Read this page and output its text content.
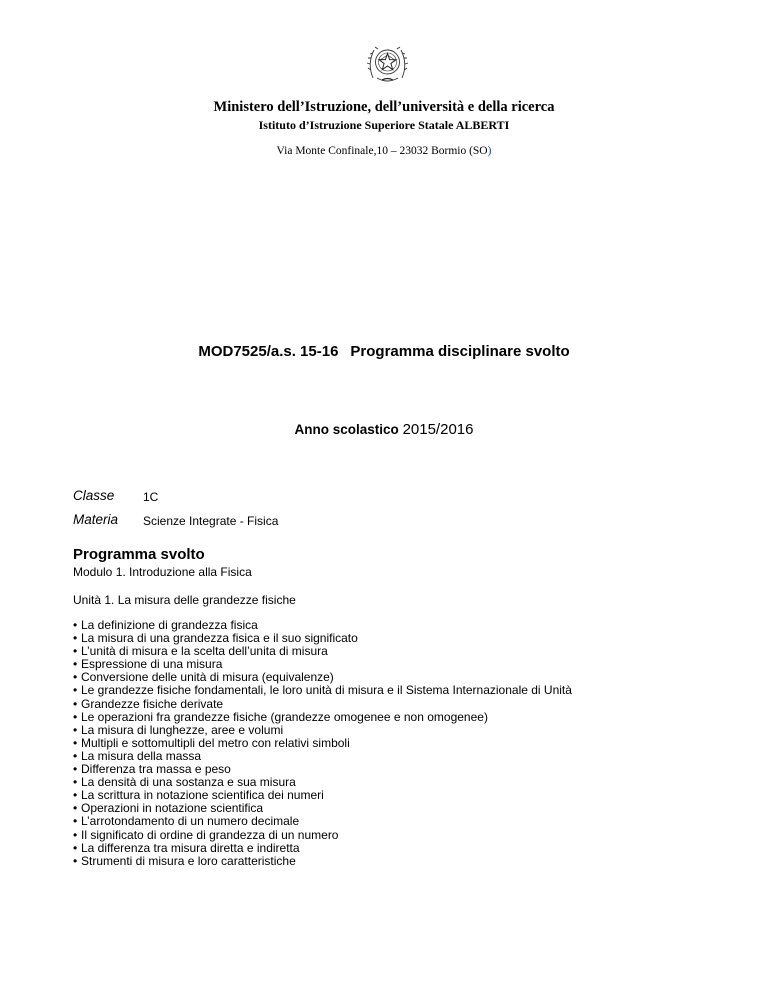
Ministero dell’Istruzione, dell’università e della ricerca
Istituto d’Istruzione Superiore Statale ALBERTI
Via Monte Confinale,10 – 23032 Bormio (SO)
MOD7525/a.s. 15-16 Programma disciplinare svolto
Anno scolastico 2015/2016
Classe 1C
Materia Scienze Integrate - Fisica
Programma svolto
Modulo 1. Introduzione alla Fisica
Unità 1. La misura delle grandezze fisiche
• La definizione di grandezza fisica
• La misura di una grandezza fisica e il suo significato
• L’unità di misura e la scelta dell’unita di misura
• Espressione di una misura
• Conversione delle unità di misura (equivalenze)
• Le grandezze fisiche fondamentali, le loro unità di misura e il Sistema Internazionale di Unità
• Grandezze fisiche derivate
• Le operazioni fra grandezze fisiche (grandezze omogenee e non omogenee)
• La misura di lunghezze, aree e volumi
• Multipli e sottomultipli del metro con relativi simboli
• La misura della massa
• Differenza tra massa e peso
• La densità di una sostanza e sua misura
• La scrittura in notazione scientifica dei numeri
• Operazioni in notazione scientifica
• L’arrotondamento di un numero decimale
• Il significato di ordine di grandezza di un numero
• La differenza tra misura diretta e indiretta
• Strumenti di misura e loro caratteristiche
